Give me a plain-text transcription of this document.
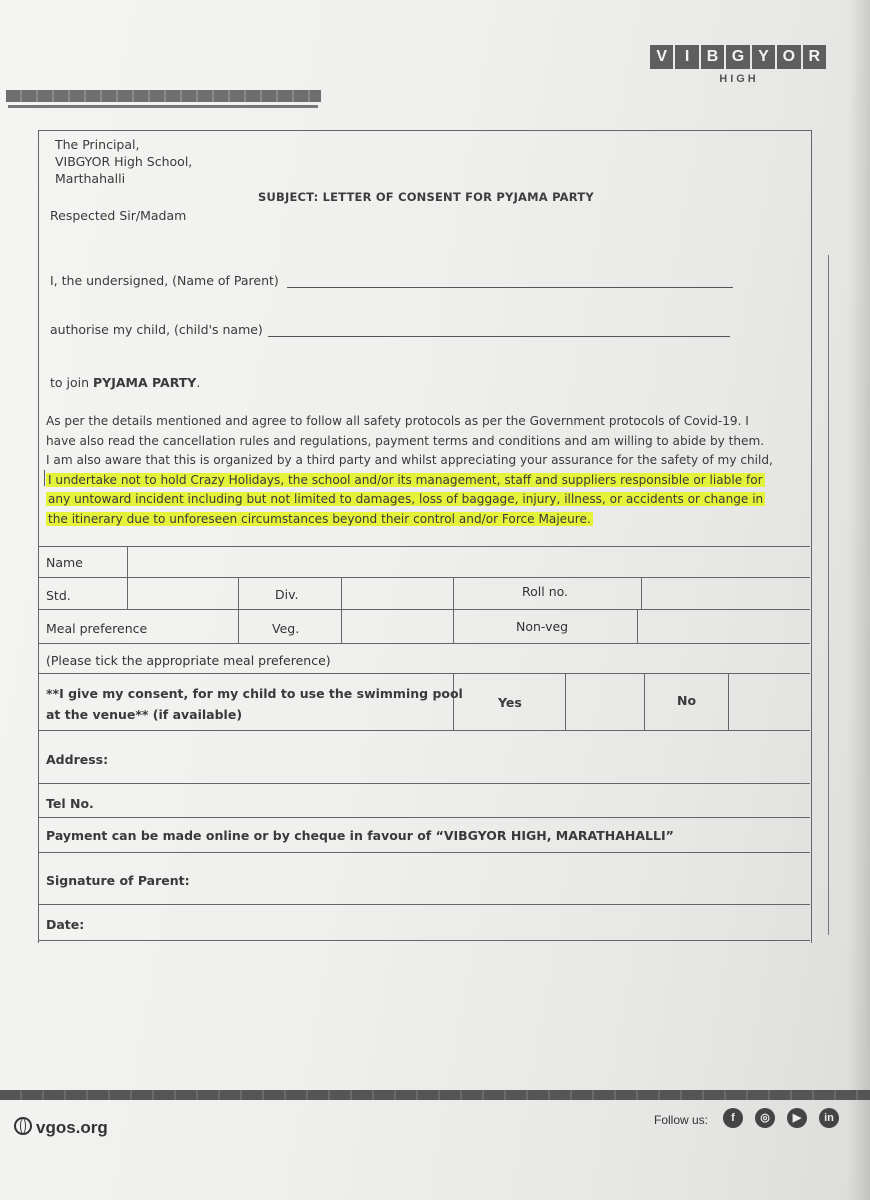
V	I	B G Y O R
HIGH
The Principal,
VIBGYOR High School,
Marthahalli
SUBJECT: LETTER OF CONSENT FOR PYJAMA PARTY
Respected Sir/Madam
I, the undersigned, (Name of Parent)
authorise my child, (child's name)
to join PYJAMA PARTY.
As per the details mentioned and agree to follow all safety protocols as per the Government protocols of Covid-19. I
have also read the cancellation rules and regulations, payment terms and conditions and am willing to abide by them.
I am also aware that this is organized by a third party and whilst appreciating your assurance for the safety of my child,
I undertake not to hold Crazy Holidays, the school and/or its management, staff and suppliers responsible or liable for
any untoward incident including but not limited to damages, loss of baggage, injury, illness, or accidents or change in
the itinerary due to unforeseen circumstances beyond their control and/or Force Majeure.
Name
Std.	Div.	Roll no.
Meal preference	Veg.	Non-veg
(Please tick the appropriate meal preference)
**I give my consent, for my child to use the swimming pool
at the venue** (if available)
Yes	No
Address:
Tel No.
Payment can be made online or by cheque in favour of “VIBGYOR HIGH, MARATHAHALLI”
Signature of Parent:
Date:
vgos.org	Follow us:	f	◎	▶	in
